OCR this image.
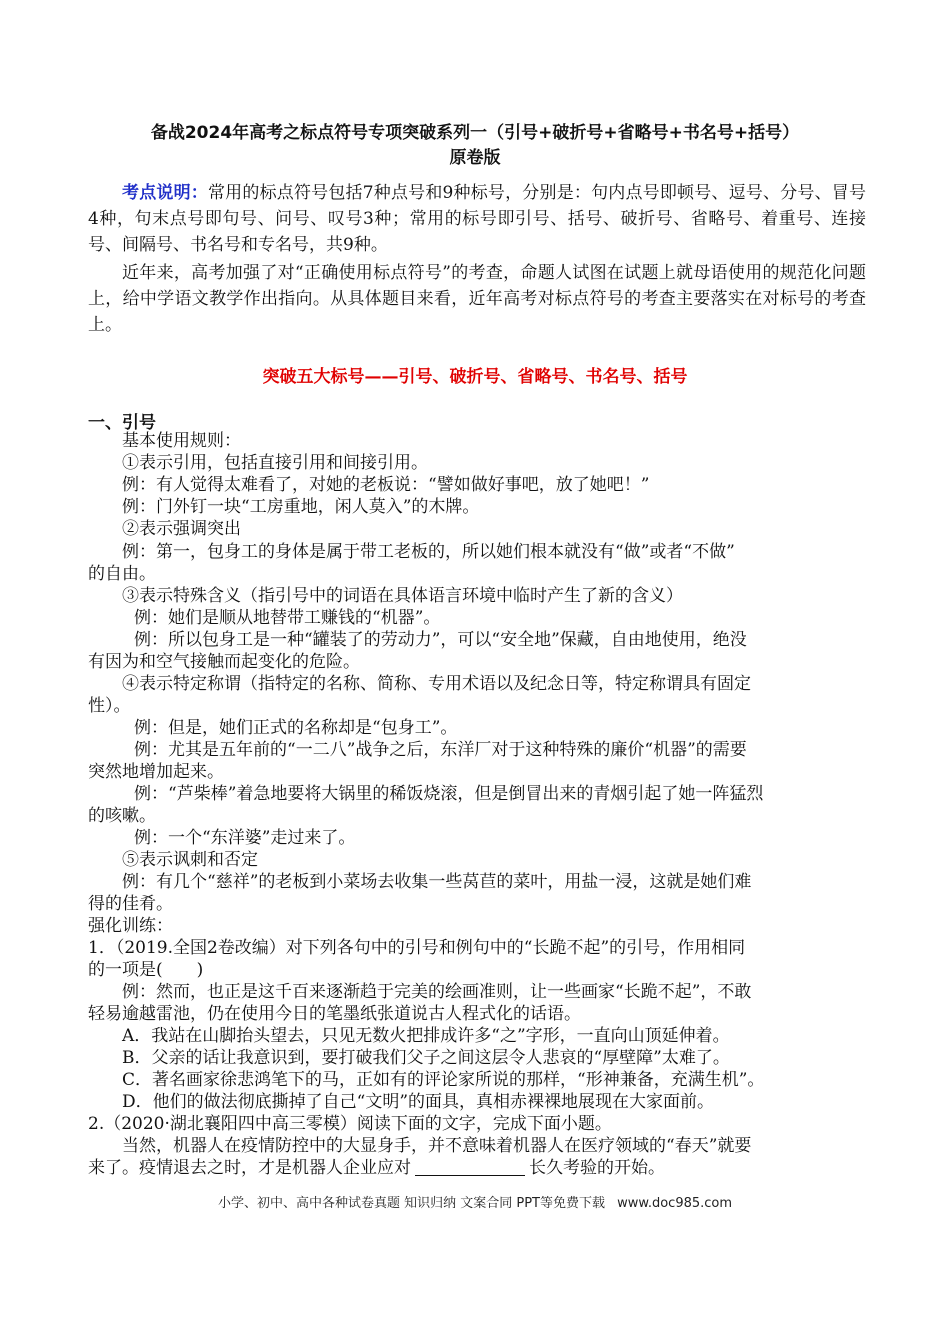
备战2024年高考之标点符号专项突破系列一（引号+破折号+省略号+书名号+括号）
原卷版

考点说明：常用的标点符号包括7种点号和9种标号，分别是：句内点号即顿号、逗号、分号、冒号4种，句末点号即句号、问号、叹号3种；常用的标号即引号、括号、破折号、省略号、着重号、连接号、间隔号、书名号和专名号，共9种。

近年来，高考加强了对“正确使用标点符号”的考查，命题人试图在试题上就母语使用的规范化问题上，给中学语文教学作出指向。从具体题目来看，近年高考对标点符号的考查主要落实在对标号的考查上。

突破五大标号——引号、破折号、省略号、书名号、括号
一、引号
基本使用规则：
①表示引用，包括直接引用和间接引用。
例：有人觉得太难看了，对她的老板说：“譬如做好事吧，放了她吧！”
例：门外钉一块“工房重地，闲人莫入”的木牌。
②表示强调突出
例：第一，包身工的身体是属于带工老板的，所以她们根本就没有“做”或者“不做”
的自由。
③表示特殊含义（指引号中的词语在具体语言环境中临时产生了新的含义）
例：她们是顺从地替带工赚钱的“机器”。
例：所以包身工是一种“罐装了的劳动力”，可以“安全地”保藏，自由地使用，绝没
有因为和空气接触而起变化的危险。
④表示特定称谓（指特定的名称、简称、专用术语以及纪念日等，特定称谓具有固定
性）。
例：但是，她们正式的名称却是“包身工”。
例：尤其是五年前的“一二八”战争之后，东洋厂对于这种特殊的廉价“机器”的需要
突然地增加起来。
例：“芦柴棒”着急地要将大锅里的稀饭烧滚，但是倒冒出来的青烟引起了她一阵猛烈
的咳嗽。
例：一个“东洋婆”走过来了。
⑤表示讽刺和否定
例：有几个“慈祥”的老板到小菜场去收集一些莴苣的菜叶，用盐一浸，这就是她们难
得的佳肴。
强化训练：
1．（2019.全国2卷改编）对下列各句中的引号和例句中的“长跪不起”的引号，作用相同
的一项是(　　)
例：然而，也正是这千百来逐渐趋于完美的绘画准则，让一些画家“长跪不起”，不敢
轻易逾越雷池，仍在使用今日的笔墨纸张道说古人程式化的话语。
A．我站在山脚抬头望去，只见无数火把排成许多“之”字形，一直向山顶延伸着。
B．父亲的话让我意识到，要打破我们父子之间这层令人悲哀的“厚壁障”太难了。
C．著名画家徐悲鸿笔下的马，正如有的评论家所说的那样，“形神兼备，充满生机”。
D．他们的做法彻底撕掉了自己“文明”的面具，真相赤裸裸地展现在大家面前。
2.（2020·湖北襄阳四中高三零模）阅读下面的文字，完成下面小题。
当然，机器人在疫情防控中的大显身手，并不意味着机器人在医疗领域的“春天”就要
来了。疫情退去之时，才是机器人企业应对	长久考验的开始。
小学、初中、高中各种试卷真题 知识归纳 文案合同 PPT等免费下载 www.doc985.com
